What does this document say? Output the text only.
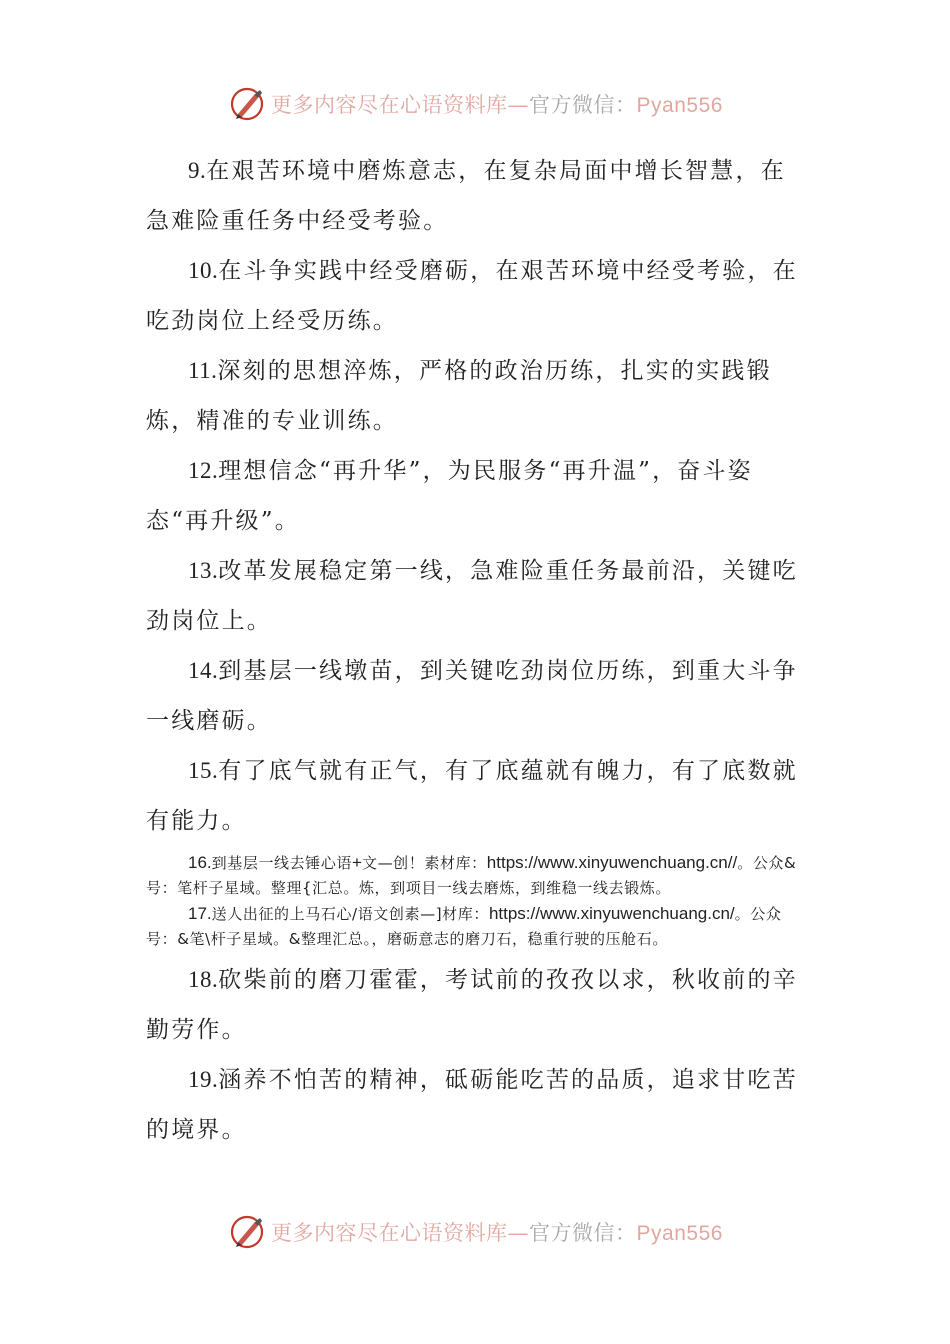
更多内容尽在心语资料库—官方微信：Pyan556

9.在艰苦环境中磨炼意志，在复杂局面中增长智慧，在急难险重任务中经受考验。

10.在斗争实践中经受磨砺，在艰苦环境中经受考验，在吃劲岗位上经受历练。

11.深刻的思想淬炼，严格的政治历练，扎实的实践锻炼，精准的专业训练。

12.理想信念“再升华”，为民服务“再升温”，奋斗姿态“再升级”。

13.改革发展稳定第一线，急难险重任务最前沿，关键吃劲岗位上。

14.到基层一线墩苗，到关键吃劲岗位历练，到重大斗争一线磨砺。

15.有了底气就有正气，有了底蕴就有魄力，有了底数就有能力。

16.到基层一线去锤心语+文—创！素材库：https://www.xinyuwenchuang.cn//。公众&号：笔杆子星域。整理{汇总。炼，到项目一线去磨炼，到维稳一线去锻炼。

17.送人出征的上马石心/语文创素—]材库：https://www.xinyuwenchuang.cn/。公众号：&笔\杆子星域。&整理汇总。，磨砺意志的磨刀石，稳重行驶的压舱石。

18.砍柴前的磨刀霍霍，考试前的孜孜以求，秋收前的辛勤劳作。

19.涵养不怕苦的精神，砥砺能吃苦的品质，追求甘吃苦的境界。

更多内容尽在心语资料库—官方微信：Pyan556
